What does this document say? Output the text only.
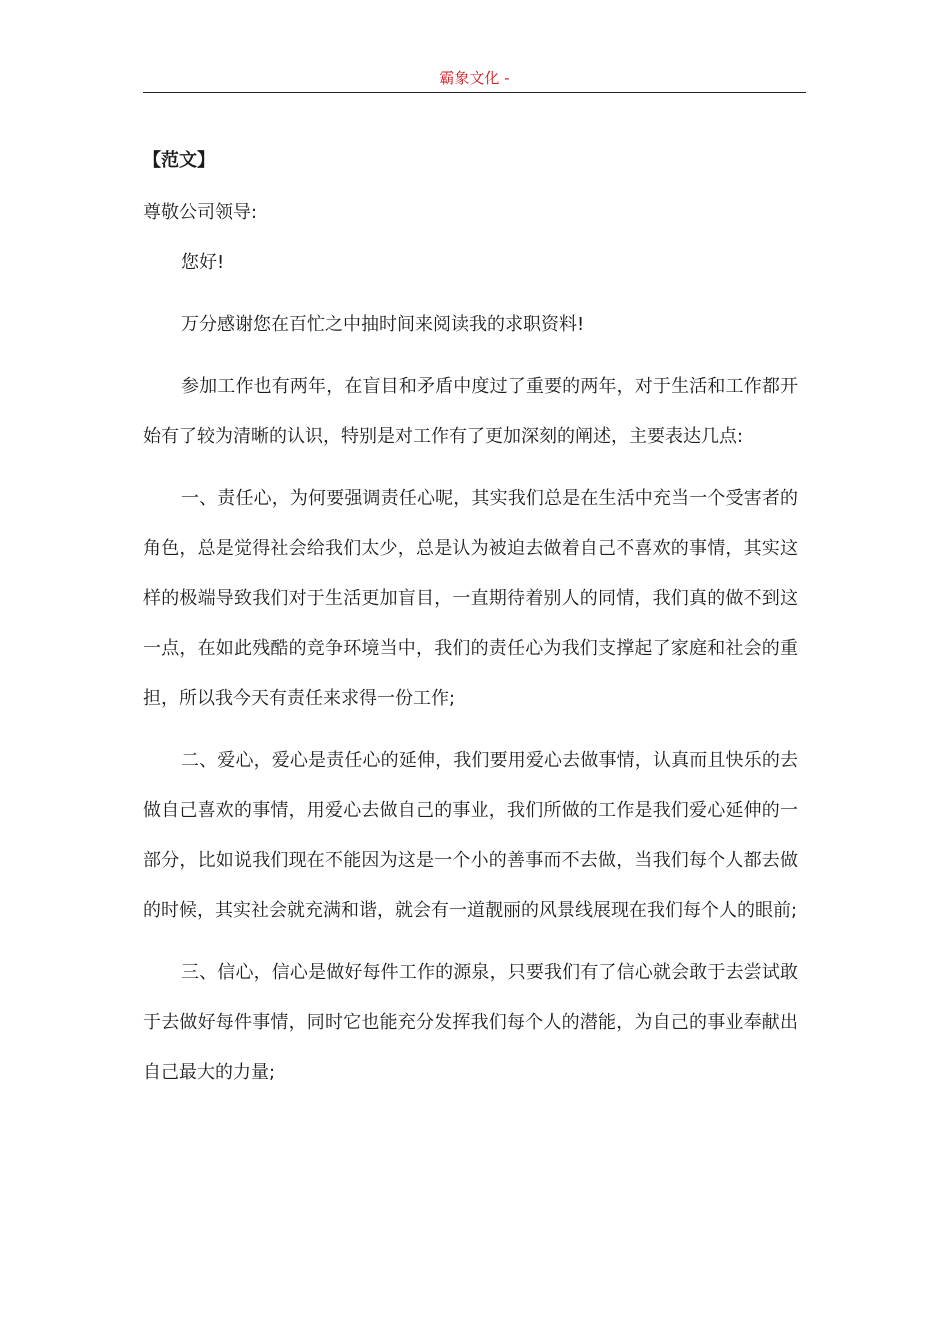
霸象文化 -

【范文】

尊敬公司领导:

您好!

万分感谢您在百忙之中抽时间来阅读我的求职资料!

参加工作也有两年，在盲目和矛盾中度过了重要的两年，对于生活和工作都开始有了较为清晰的认识，特别是对工作有了更加深刻的阐述，主要表达几点:

一、责任心，为何要强调责任心呢，其实我们总是在生活中充当一个受害者的角色，总是觉得社会给我们太少，总是认为被迫去做着自己不喜欢的事情，其实这样的极端导致我们对于生活更加盲目，一直期待着别人的同情，我们真的做不到这一点，在如此残酷的竞争环境当中，我们的责任心为我们支撑起了家庭和社会的重担，所以我今天有责任来求得一份工作;

二、爱心，爱心是责任心的延伸，我们要用爱心去做事情，认真而且快乐的去做自己喜欢的事情，用爱心去做自己的事业，我们所做的工作是我们爱心延伸的一部分，比如说我们现在不能因为这是一个小的善事而不去做，当我们每个人都去做的时候，其实社会就充满和谐，就会有一道靓丽的风景线展现在我们每个人的眼前;

三、信心，信心是做好每件工作的源泉，只要我们有了信心就会敢于去尝试敢于去做好每件事情，同时它也能充分发挥我们每个人的潜能，为自己的事业奉献出自己最大的力量;
